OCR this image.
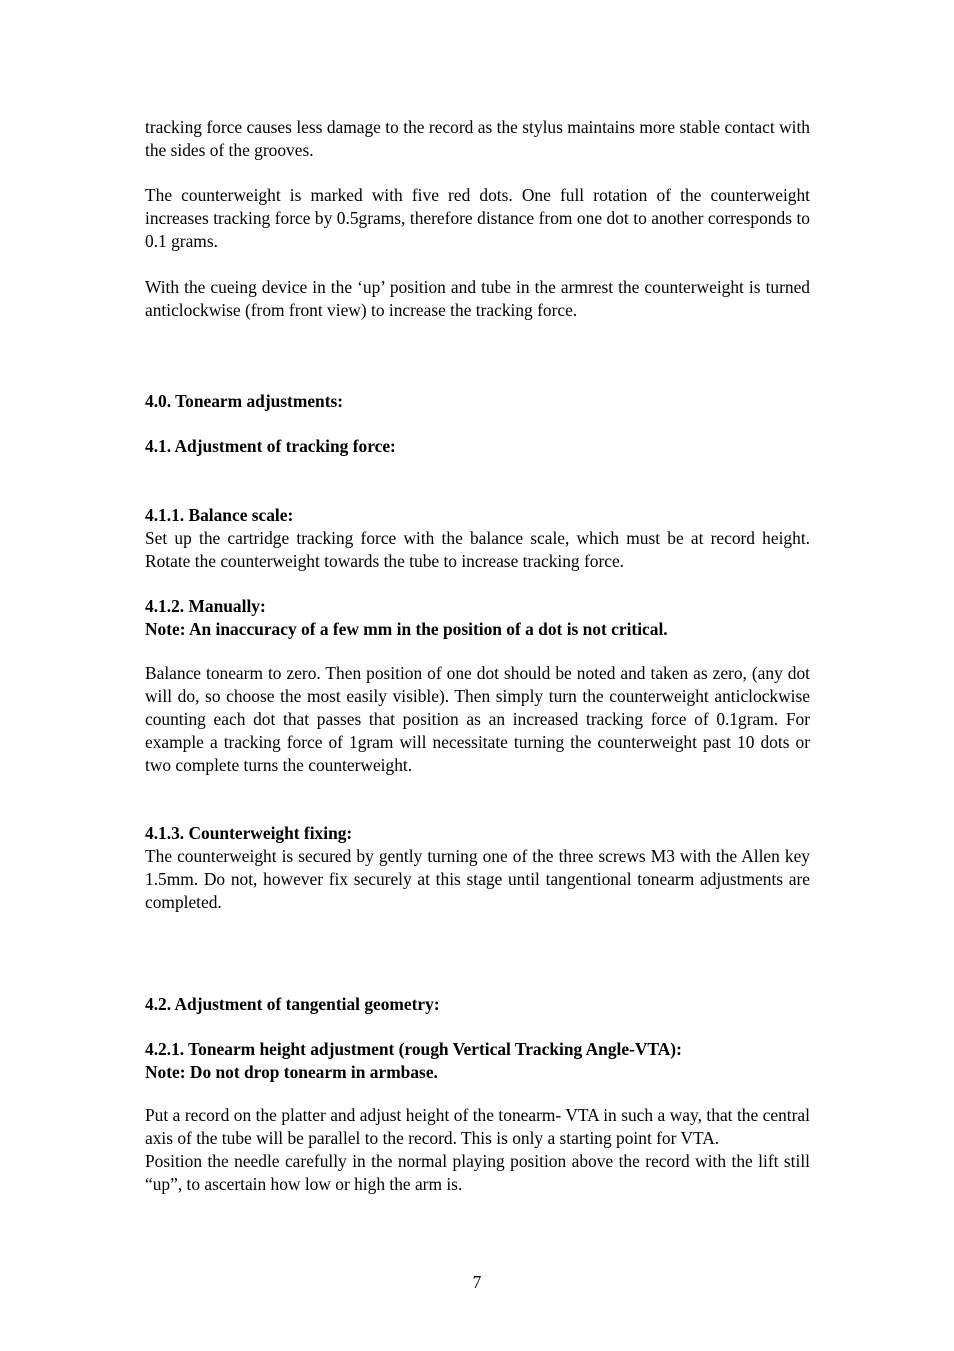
tracking force causes less damage to the record as the stylus maintains more stable contact with the sides of the grooves.

The counterweight is marked with five red dots. One full rotation of the counterweight increases tracking force by 0.5grams, therefore distance from one dot to another corresponds to 0.1 grams.

With the cueing device in the ‘up’ position and tube in the armrest the counterweight is turned anticlockwise (from front view) to increase the tracking force.

4.0. Tonearm adjustments:
4.1. Adjustment of tracking force:
4.1.1. Balance scale:
Set up the cartridge tracking force with the balance scale, which must be at record height. Rotate the counterweight towards the tube to increase tracking force.
4.1.2. Manually:
Note: An inaccuracy of a few mm in the position of a dot is not critical.

Balance tonearm to zero. Then position of one dot should be noted and taken as zero, (any dot will do, so choose the most easily visible). Then simply turn the counterweight anticlockwise counting each dot that passes that position as an increased tracking force of 0.1gram. For example a tracking force of 1gram will necessitate turning the counterweight past 10 dots or two complete turns the counterweight.

4.1.3. Counterweight fixing:
The counterweight is secured by gently turning one of the three screws M3 with the Allen key 1.5mm. Do not, however fix securely at this stage until tangentional tonearm adjustments are completed.
4.2. Adjustment of tangential geometry:
4.2.1. Tonearm height adjustment (rough Vertical Tracking Angle-VTA):
Note: Do not drop tonearm in armbase.
Put a record on the platter and adjust height of the tonearm- VTA in such a way, that the central axis of the tube will be parallel to the record. This is only a starting point for VTA.
Position the needle carefully in the normal playing position above the record with the lift still “up”, to ascertain how low or high the arm is.
7
